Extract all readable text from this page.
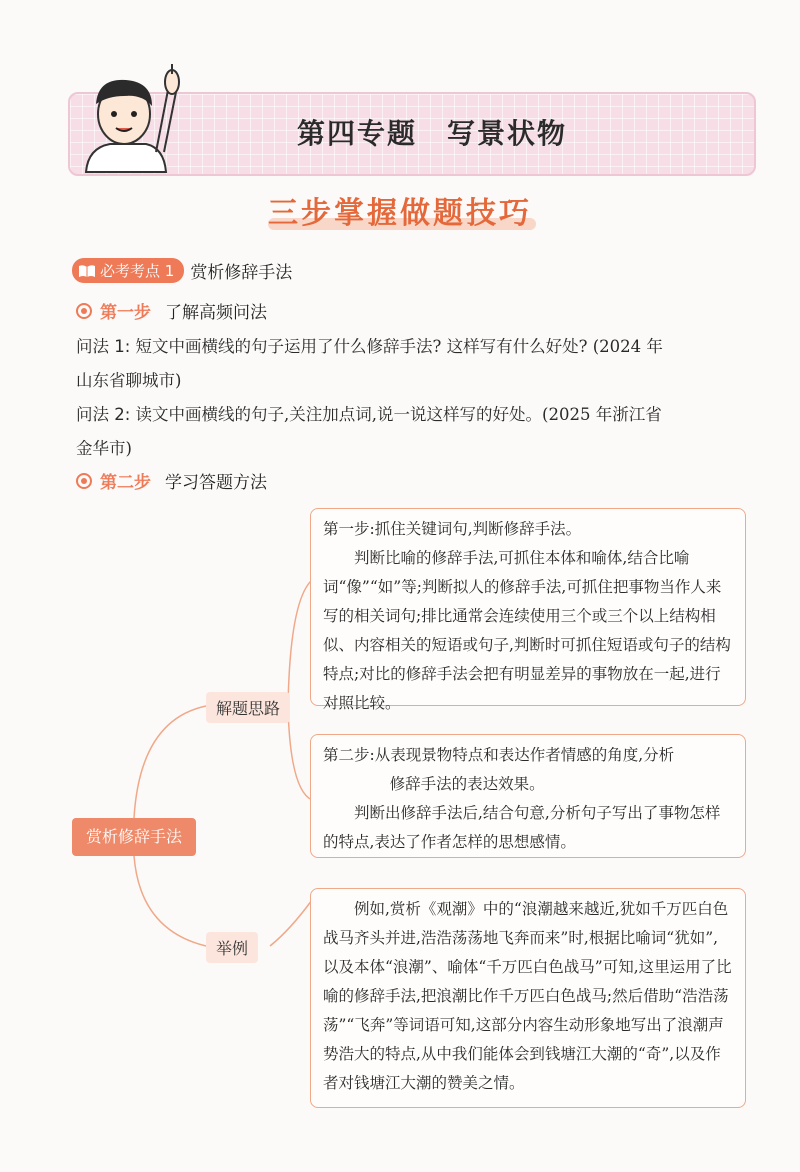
第四专题　写景状物
三步掌握做题技巧
必考考点 1 赏析修辞手法
第一步 了解高频问法
问法 1: 短文中画横线的句子运用了什么修辞手法? 这样写有什么好处? (2024 年
山东省聊城市)
问法 2: 读文中画横线的句子,关注加点词,说一说这样写的好处。(2025 年浙江省
金华市)
第二步 学习答题方法
赏析修辞手法
解题思路
举例

第一步:抓住关键词句,判断修辞手法。

判断比喻的修辞手法,可抓住本体和喻体,结合比喻词“像”“如”等;判断拟人的修辞手法,可抓住把事物当作人来写的相关词句;排比通常会连续使用三个或三个以上结构相似、内容相关的短语或句子,判断时可抓住短语或句子的结构特点;对比的修辞手法会把有明显差异的事物放在一起,进行对照比较。

第二步:从表现景物特点和表达作者情感的角度,分析

修辞手法的表达效果。

判断出修辞手法后,结合句意,分析句子写出了事物怎样的特点,表达了作者怎样的思想感情。

例如,赏析《观潮》中的“浪潮越来越近,犹如千万匹白色战马齐头并进,浩浩荡荡地飞奔而来”时,根据比喻词“犹如”,以及本体“浪潮”、喻体“千万匹白色战马”可知,这里运用了比喻的修辞手法,把浪潮比作千万匹白色战马;然后借助“浩浩荡荡”“飞奔”等词语可知,这部分内容生动形象地写出了浪潮声势浩大的特点,从中我们能体会到钱塘江大潮的“奇”,以及作者对钱塘江大潮的赞美之情。
